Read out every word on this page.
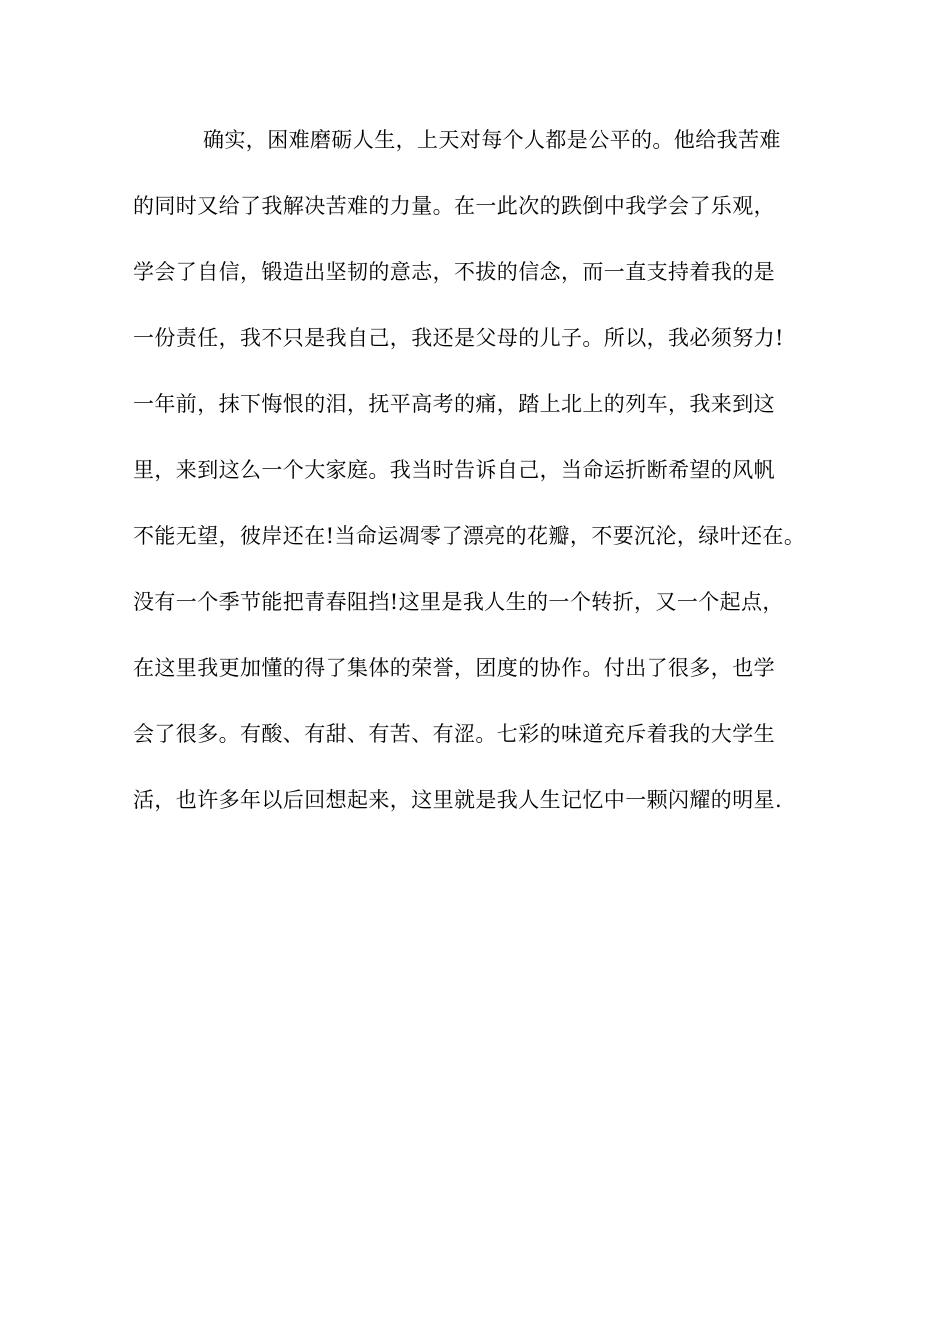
确实，困难磨砺人生，上天对每个人都是公平的。他给我苦难
的同时又给了我解决苦难的力量。在一此次的跌倒中我学会了乐观，
学会了自信，锻造出坚韧的意志，不拔的信念，而一直支持着我的是
一份责任，我不只是我自己，我还是父母的儿子。所以，我必须努力!
一年前，抹下悔恨的泪，抚平高考的痛，踏上北上的列车，我来到这
里，来到这么一个大家庭。我当时告诉自己，当命运折断希望的风帆
不能无望，彼岸还在!当命运凋零了漂亮的花瓣，不要沉沦，绿叶还在。
没有一个季节能把青春阻挡!这里是我人生的一个转折，又一个起点，
在这里我更加懂的得了集体的荣誉，团度的协作。付出了很多，也学
会了很多。有酸、有甜、有苦、有涩。七彩的味道充斥着我的大学生
活，也许多年以后回想起来，这里就是我人生记忆中一颗闪耀的明星.
